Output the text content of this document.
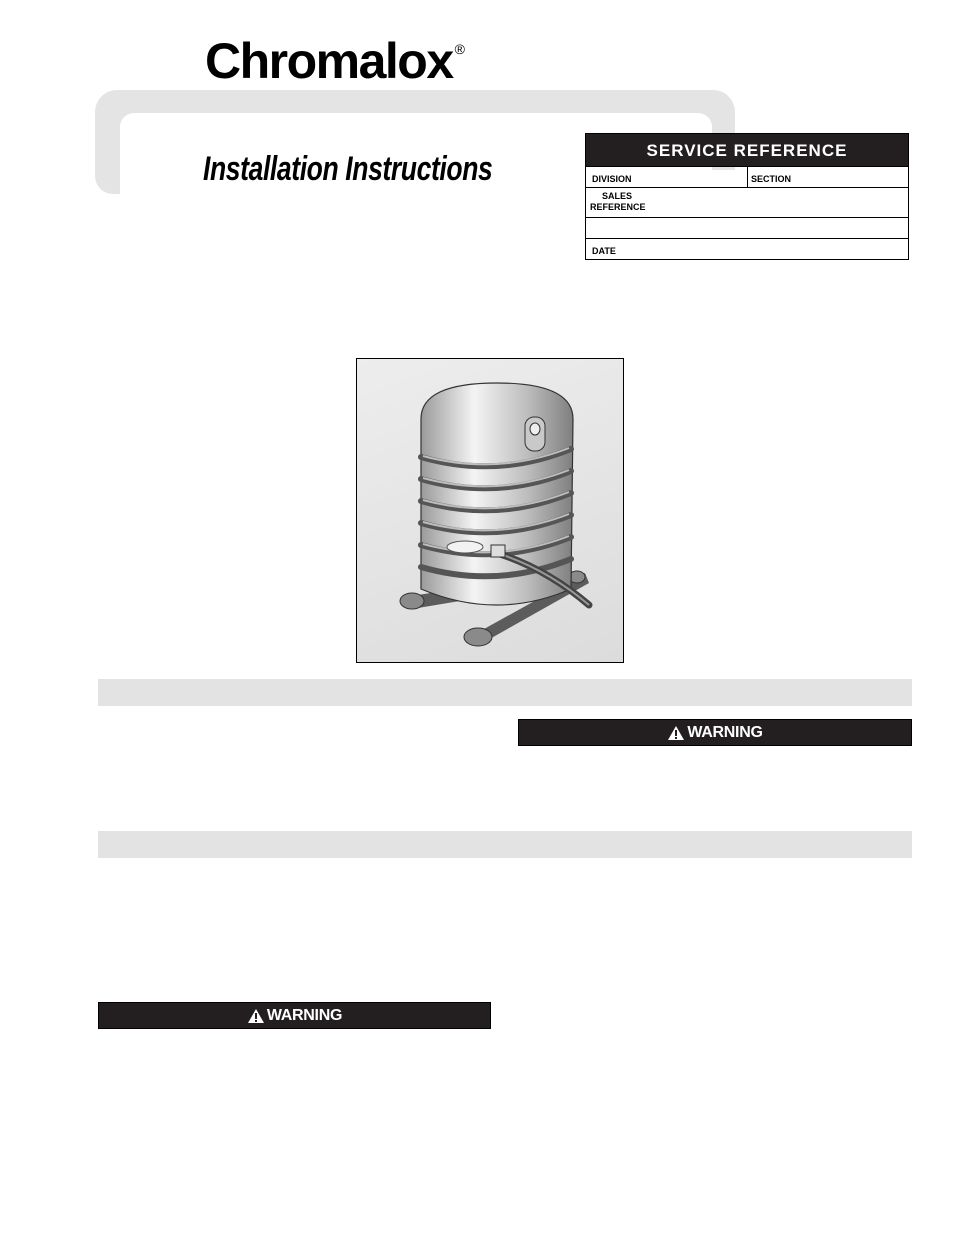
Chromalox ®
Installation Instructions	SERVICE REFERENCE
DIVISION	SECTION
SALES
REFERENCE
DATE
WARNING
WARNING
